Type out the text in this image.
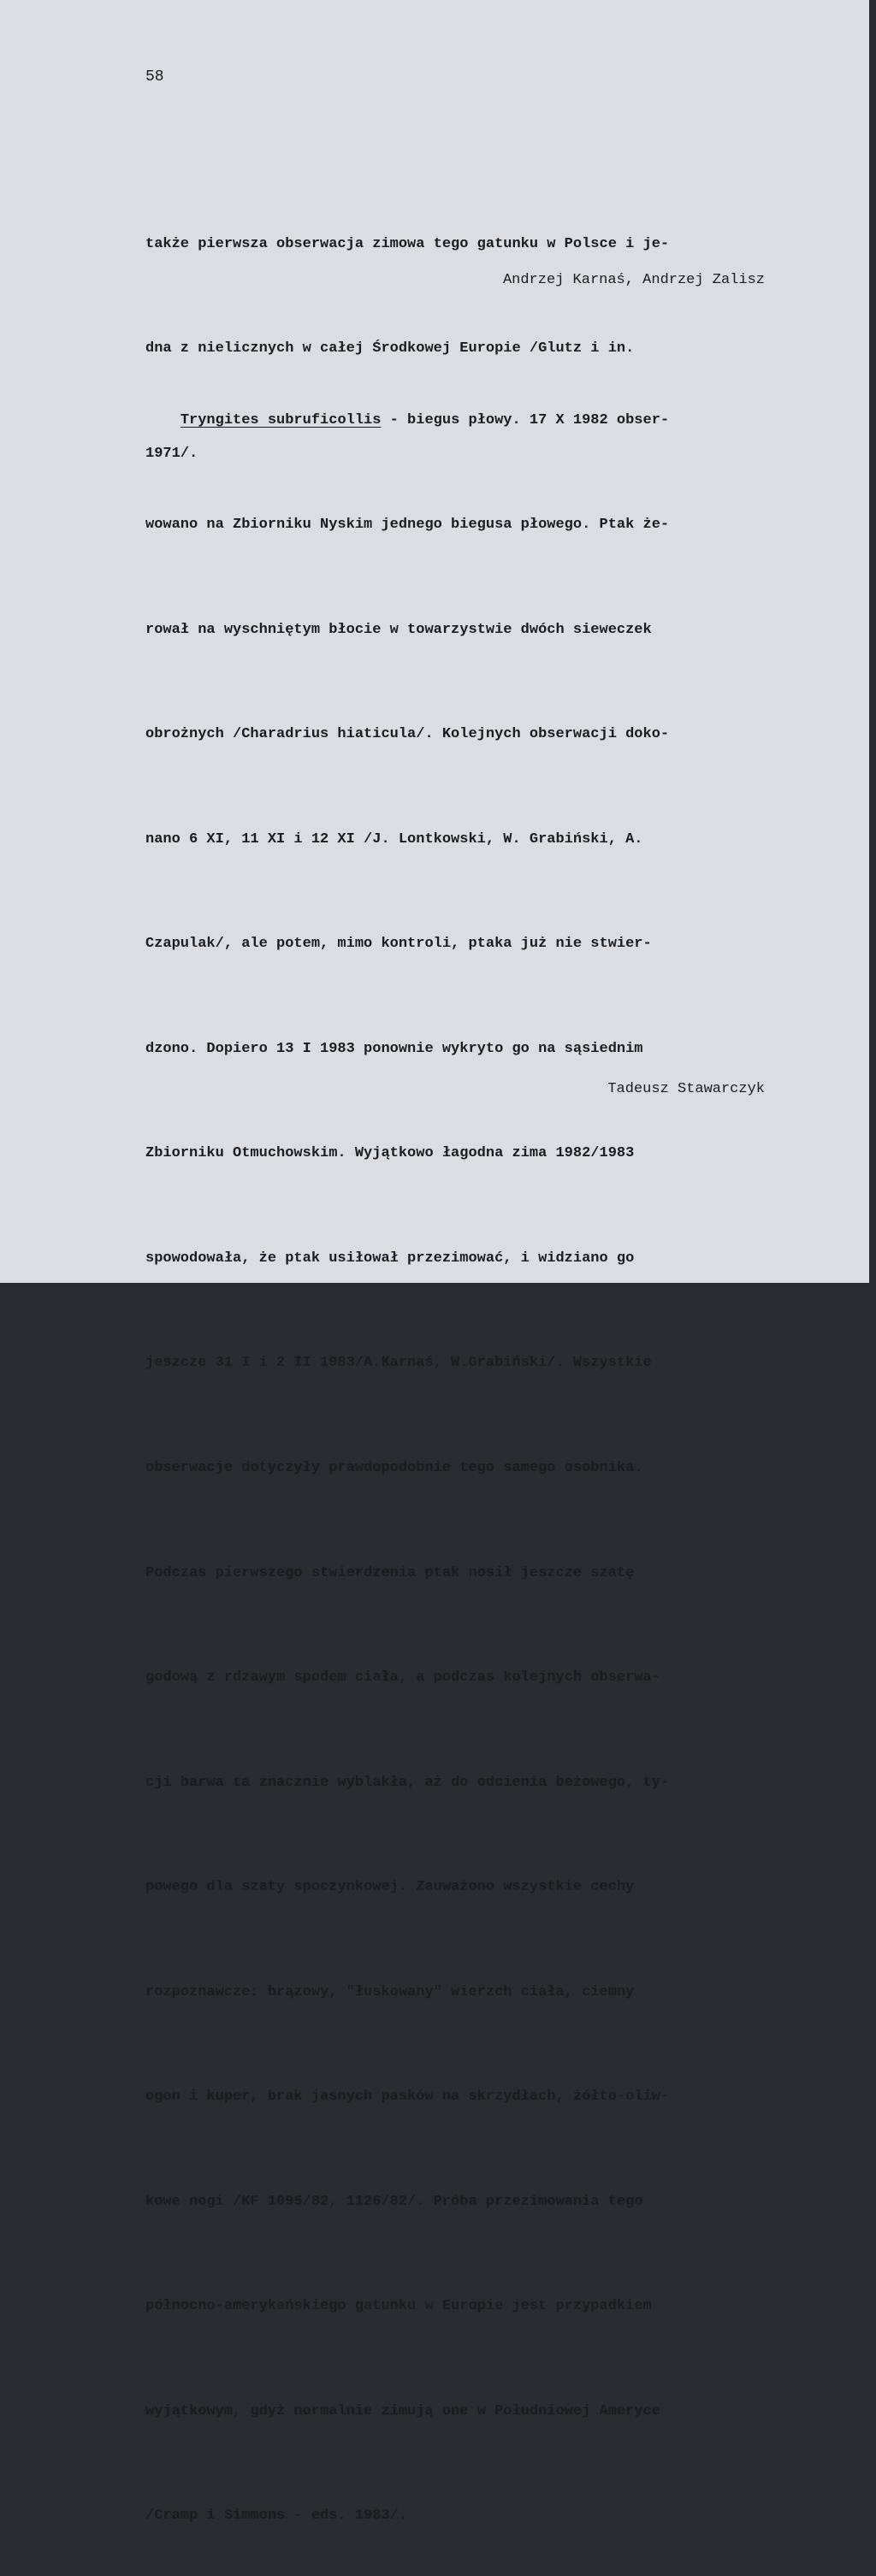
58

także pierwsza obserwacja zimowa tego gatunku w Polsce i je-

dna z nielicznych w całej Środkowej Europie /Glutz i in.

1971/.

Andrzej Karnaś, Andrzej Zalisz

Tryngites subruficollis - biegus płowy. 17 X 1982 obser-

wowano na Zbiorniku Nyskim jednego biegusa płowego. Ptak że-

rował na wyschniętym błocie w towarzystwie dwóch sieweczek

obrożnych /Charadrius hiaticula/. Kolejnych obserwacji doko-

nano 6 XI, 11 XI i 12 XI /J. Lontkowski, W. Grabiński, A.

Czapulak/, ale potem, mimo kontroli, ptaka już nie stwier-

dzono. Dopiero 13 I 1983 ponownie wykryto go na sąsiednim

Zbiorniku Otmuchowskim. Wyjątkowo łagodna zima 1982/1983

spowodowała, że ptak usiłował przezimować, i widziano go

jeszcze 31 I i 2 II 1983/A.Karnaś, W.Grabiński/. Wszystkie

obserwacje dotyczyły prawdopodobnie tego samego osobnika.

Podczas pierwszego stwierdzenia ptak nosił jeszcze szatę

godową z rdzawym spodem ciała, a podczas kolejnych obserwa-

cji barwa ta znacznie wyblakła, aż do odcienia beżowego, ty-

powego dla szaty spoczynkowej. Zauważono wszystkie cechy

rozpoznawcze: brązowy, "łuskowany" wierzch ciała, ciemny

ogon i kuper, brak jasnych pasków na skrzydłach, żółto-oliw-

kowe nogi /KF 1095/82, 1126/82/. Próba przezimowania tego

północno-amerykańskiego gatunku w Europie jest przypadkiem

wyjątkowym, gdyż normalnie zimują one w Południowej Ameryce

/Cramp i Simmons - eds. 1983/.

Tadeusz Stawarczyk
